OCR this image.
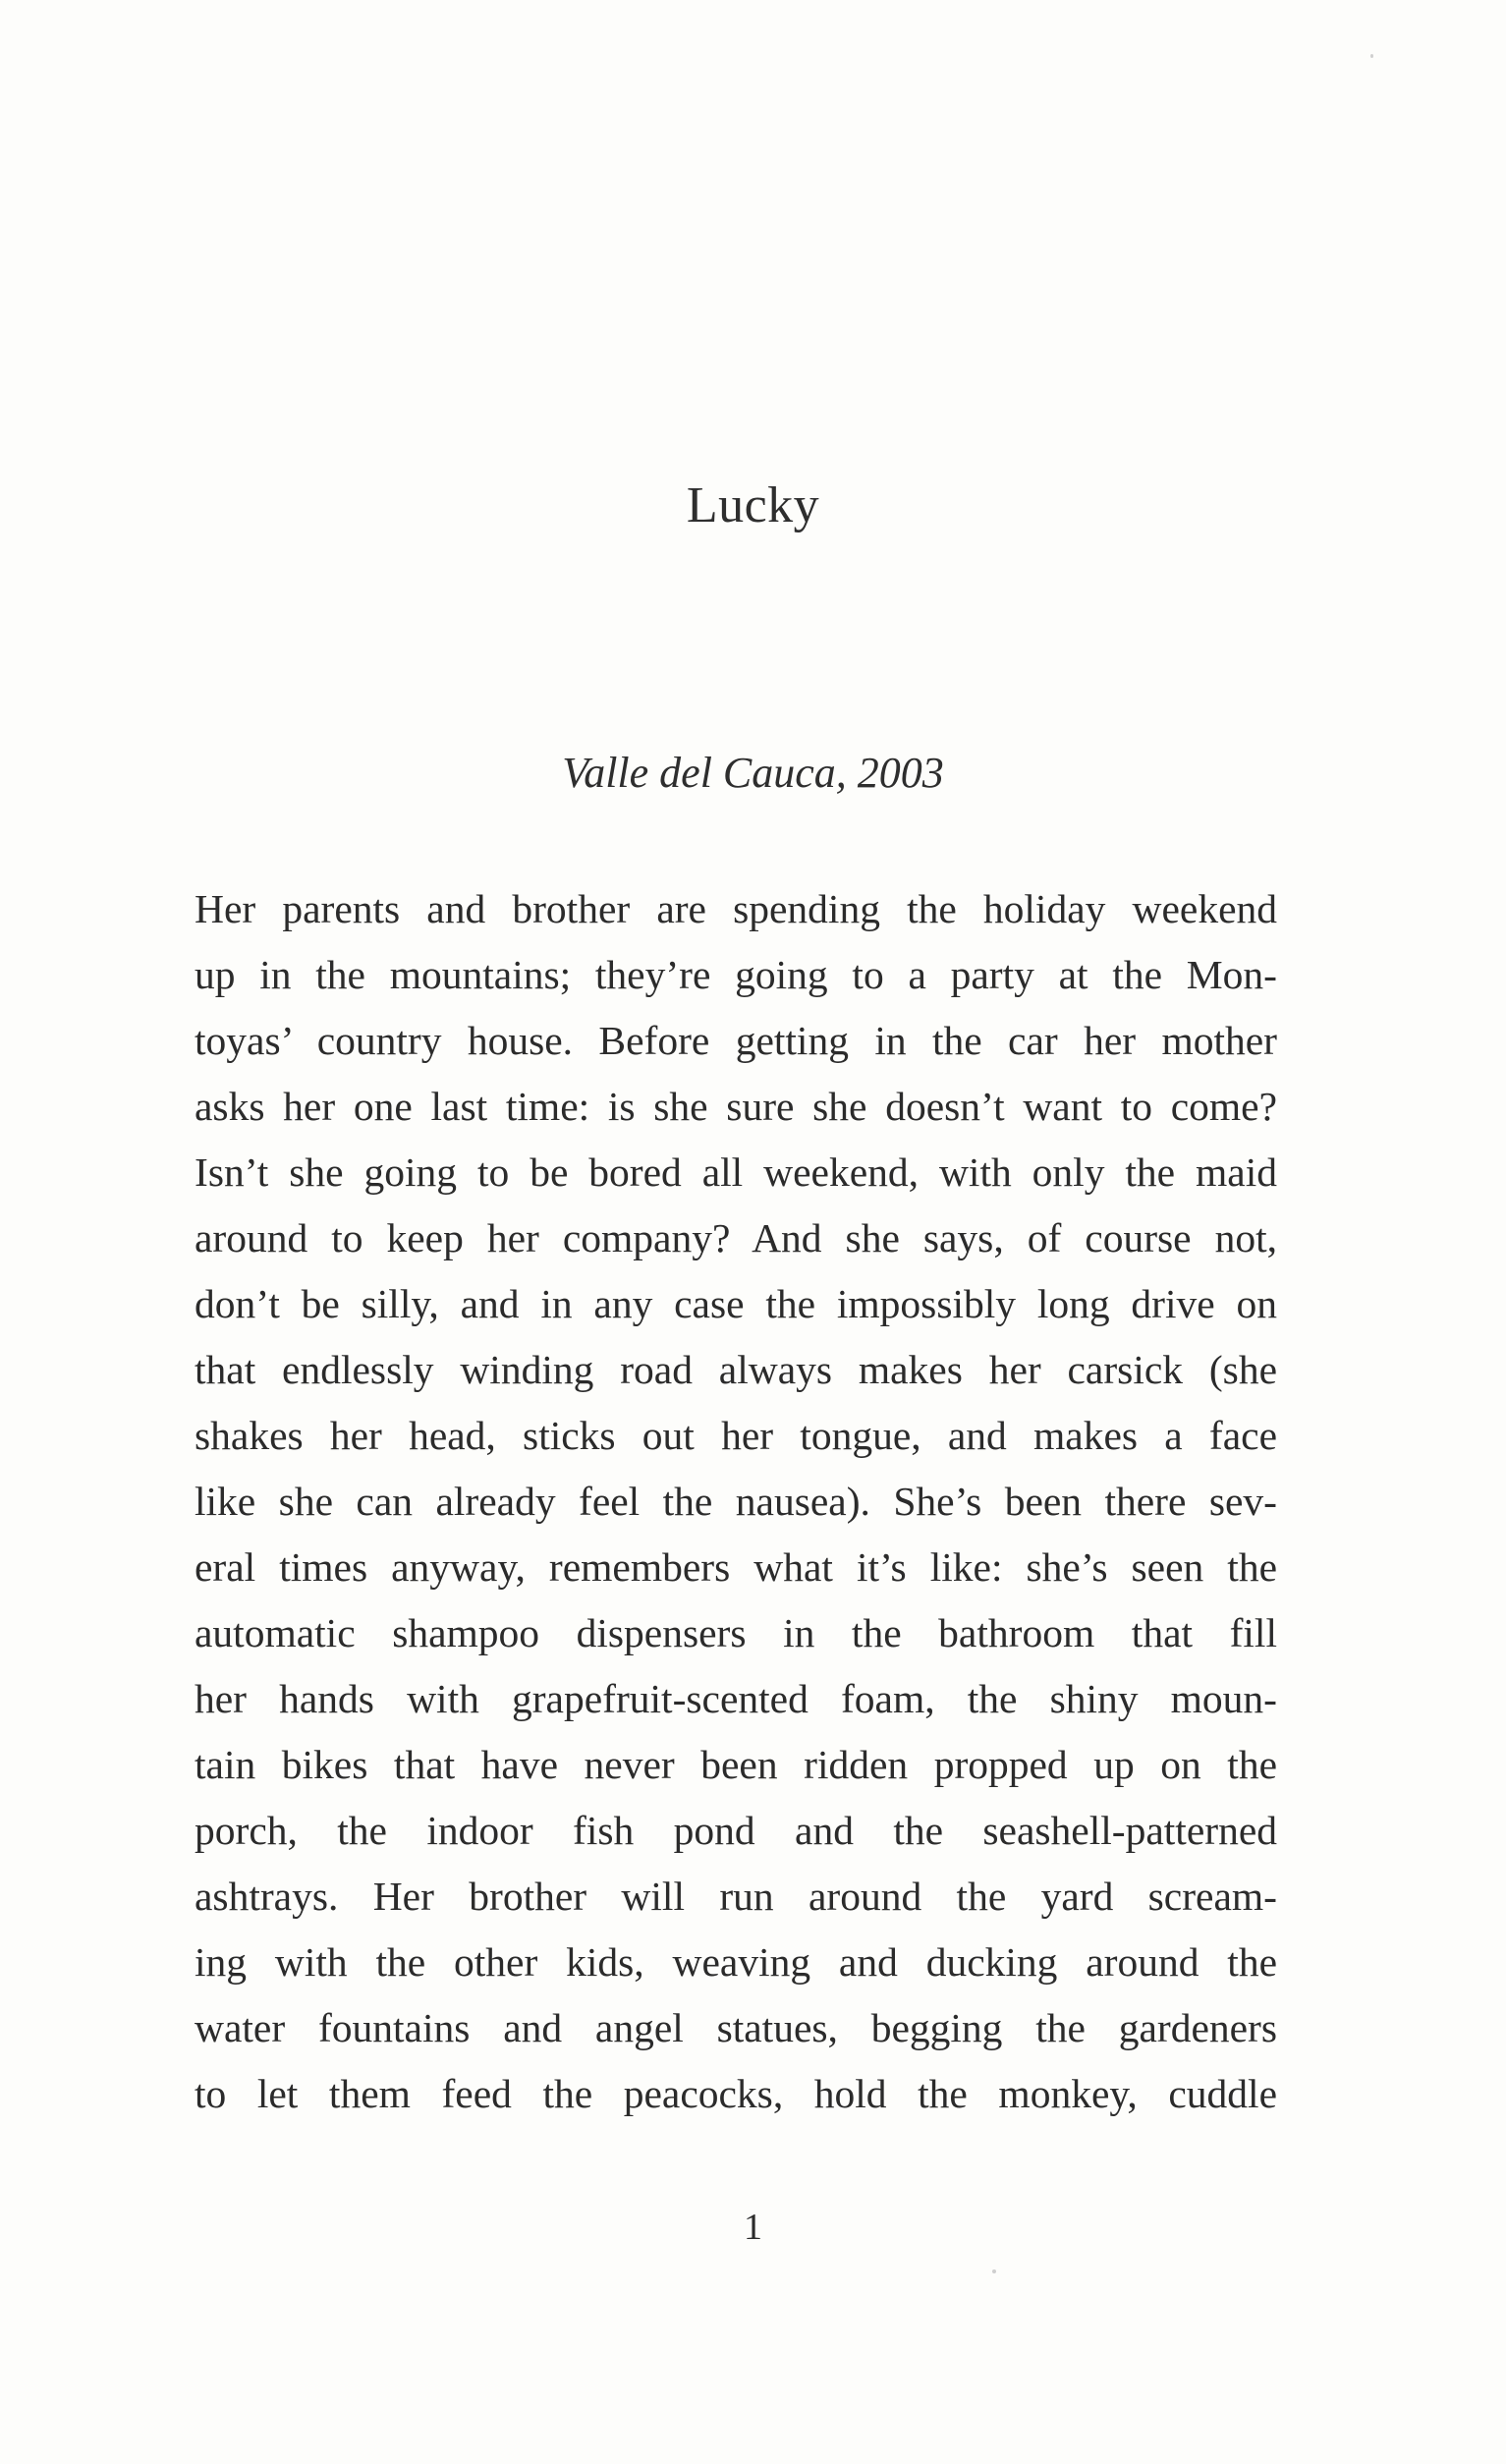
Lucky
Valle del Cauca, 2003
Her parents and brother are spending the holiday weekend
up in the mountains; they’re going to a party at the Mon-
toyas’ country house. Before getting in the car her mother
asks her one last time: is she sure she doesn’t want to come?
Isn’t she going to be bored all weekend, with only the maid
around to keep her company? And she says, of course not,
don’t be silly, and in any case the impossibly long drive on
that endlessly winding road always makes her carsick (she
shakes her head, sticks out her tongue, and makes a face
like she can already feel the nausea). She’s been there sev-
eral times anyway, remembers what it’s like: she’s seen the
automatic shampoo dispensers in the bathroom that fill
her hands with grapefruit-scented foam, the shiny moun-
tain bikes that have never been ridden propped up on the
porch, the indoor fish pond and the seashell-patterned
ashtrays. Her brother will run around the yard scream-
ing with the other kids, weaving and ducking around the
water fountains and angel statues, begging the gardeners
to let them feed the peacocks, hold the monkey, cuddle
1
